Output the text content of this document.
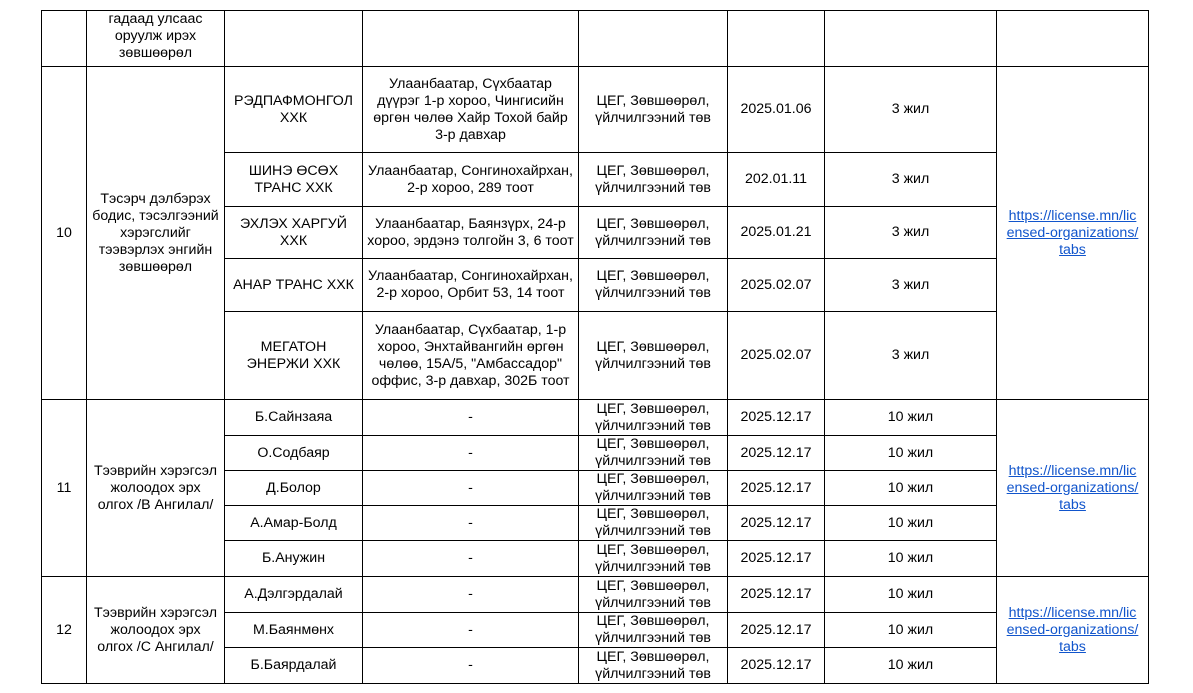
	гадаад улсаас оруулж ирэх зөвшөөрөл						
10	Тэсэрч дэлбэрэх бодис, тэсэлгээний хэрэгслийг тээвэрлэх энгийн зөвшөөрөл	РЭДПАФМОНГОЛ ХХК	Улаанбаатар, Сүхбаатар дүүрэг 1-р хороо, Чингисийн өргөн чөлөө Хайр Тохой байр 3-р давхар	ЦЕГ, Зөвшөөрөл, үйлчилгээний төв	2025.01.06	3 жил	https://license.mn/licensed-organizations/tabs
		ШИНЭ ӨСӨХ ТРАНС ХХК	Улаанбаатар, Сонгинохайрхан, 2-р хороо, 289 тоот	ЦЕГ, Зөвшөөрөл, үйлчилгээний төв	202.01.11	3 жил	
		ЭХЛЭХ ХАРГУЙ ХХК	Улаанбаатар, Баянзүрх, 24-р хороо, эрдэнэ толгойн 3, 6 тоот	ЦЕГ, Зөвшөөрөл, үйлчилгээний төв	2025.01.21	3 жил	
		АНАР ТРАНС ХХК	Улаанбаатар, Сонгинохайрхан, 2-р хороо, Орбит 53, 14 тоот	ЦЕГ, Зөвшөөрөл, үйлчилгээний төв	2025.02.07	3 жил	
		МЕГАТОН ЭНЕРЖИ ХХК	Улаанбаатар, Сүхбаатар, 1-р хороо, Энхтайвангийн өргөн чөлөө, 15А/5, "Амбассадор" оффис, 3-р давхар, 302Б тоот	ЦЕГ, Зөвшөөрөл, үйлчилгээний төв	2025.02.07	3 жил	
11	Тээврийн хэрэгсэл жолоодох эрх олгох /В Ангилал/	Б.Сайнзаяа	-	ЦЕГ, Зөвшөөрөл, үйлчилгээний төв	2025.12.17	10 жил	https://license.mn/licensed-organizations/tabs
		О.Содбаяр	-	ЦЕГ, Зөвшөөрөл, үйлчилгээний төв	2025.12.17	10 жил	
		Д.Болор	-	ЦЕГ, Зөвшөөрөл, үйлчилгээний төв	2025.12.17	10 жил	
		А.Амар-Болд	-	ЦЕГ, Зөвшөөрөл, үйлчилгээний төв	2025.12.17	10 жил	
		Б.Анужин	-	ЦЕГ, Зөвшөөрөл, үйлчилгээний төв	2025.12.17	10 жил	
12	Тээврийн хэрэгсэл жолоодох эрх олгох /С Ангилал/	А.Дэлгэрдалай	-	ЦЕГ, Зөвшөөрөл, үйлчилгээний төв	2025.12.17	10 жил	https://license.mn/licensed-organizations/tabs
		М.Баянмөнх	-	ЦЕГ, Зөвшөөрөл, үйлчилгээний төв	2025.12.17	10 жил	
		Б.Баярдалай	-	ЦЕГ, Зөвшөөрөл, үйлчилгээний төв	2025.12.17	10 жил	
